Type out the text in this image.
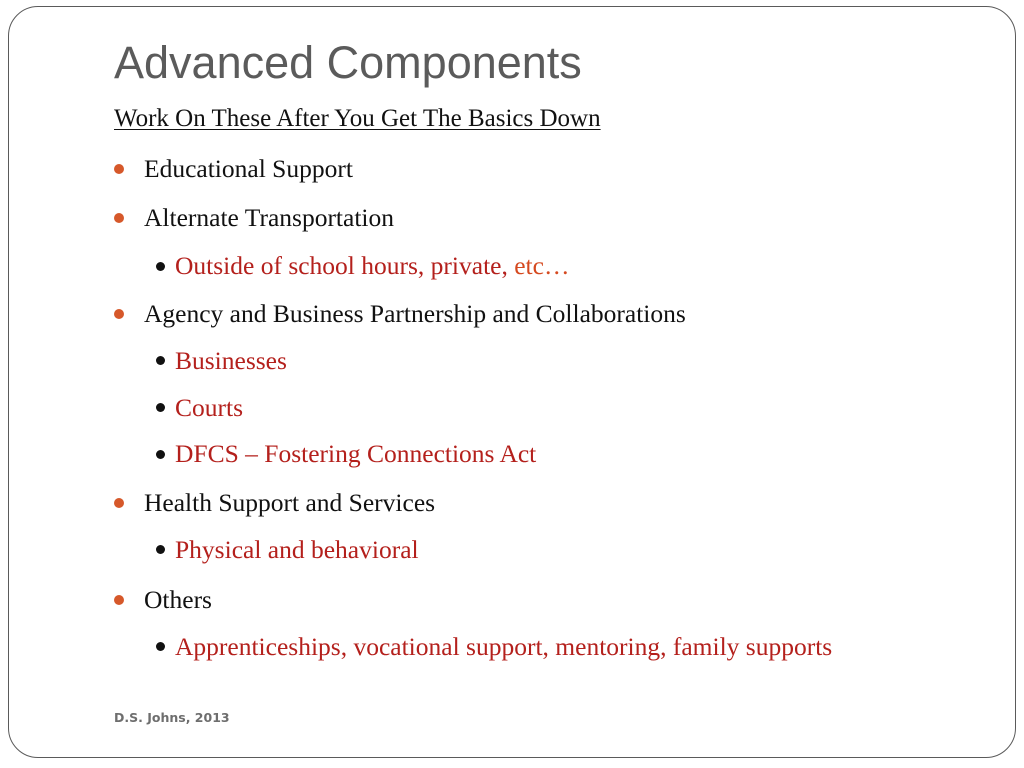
Advanced Components
Work On These After You Get The Basics Down
Educational Support
Alternate Transportation
Outside of school hours, private, etc…
Agency and Business Partnership and Collaborations
Businesses
Courts
DFCS – Fostering Connections Act
Health Support and Services
Physical and behavioral
Others
Apprenticeships, vocational support, mentoring, family supports
D.S. Johns, 2013
